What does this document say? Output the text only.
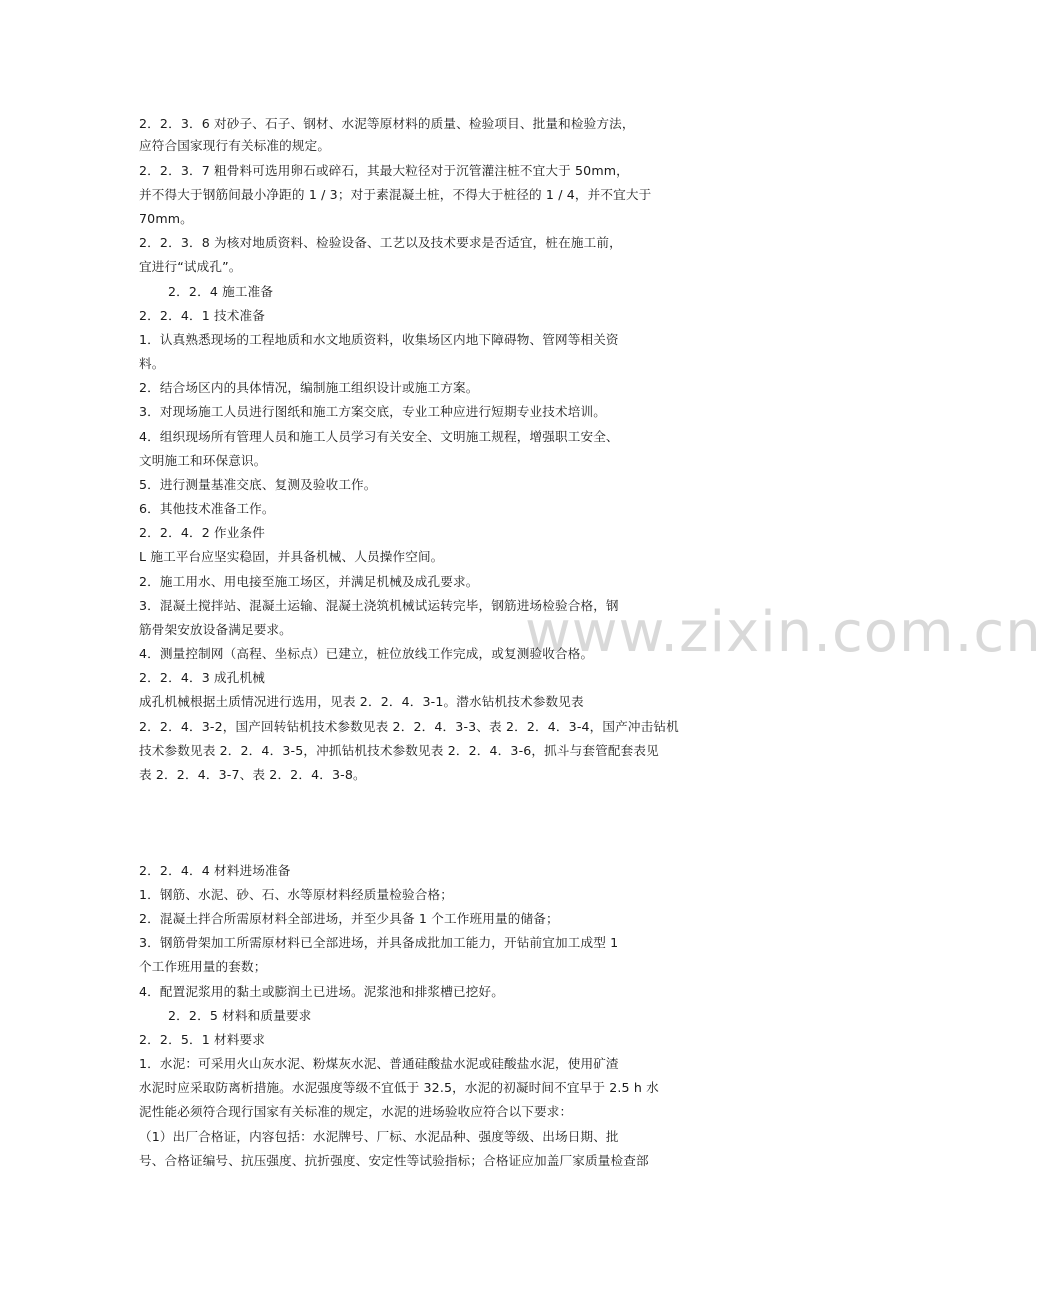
www.zixin.com.cn
2．2．3．6 对砂子、石子、钢材、水泥等原材料的质量、检验项目、批量和检验方法，
应符合国家现行有关标准的规定。
2．2．3．7 粗骨料可选用卵石或碎石，其最大粒径对于沉管灌注桩不宜大于 50mm，
并不得大于钢筋间最小净距的 1 / 3；对于素混凝土桩，不得大于桩径的 1 / 4，并不宜大于
70mm。
2．2．3．8 为核对地质资料、检验设备、工艺以及技术要求是否适宜，桩在施工前，
宜进行“试成孔”。
2．2．4 施工准备
2．2．4．1 技术准备
1．认真熟悉现场的工程地质和水文地质资料，收集场区内地下障碍物、管网等相关资
料。
2．结合场区内的具体情况，编制施工组织设计或施工方案。
3．对现场施工人员进行图纸和施工方案交底，专业工种应进行短期专业技术培训。
4．组织现场所有管理人员和施工人员学习有关安全、文明施工规程，增强职工安全、
文明施工和环保意识。
5．进行测量基准交底、复测及验收工作。
6．其他技术准备工作。
2．2．4．2 作业条件
L 施工平台应坚实稳固，并具备机械、人员操作空间。
2．施工用水、用电接至施工场区，并满足机械及成孔要求。
3．混凝土搅拌站、混凝土运输、混凝土浇筑机械试运转完毕，钢筋进场检验合格，钢
筋骨架安放设备满足要求。
4．测量控制网（高程、坐标点）已建立，桩位放线工作完成，或复测验收合格。
2．2．4．3 成孔机械
成孔机械根据土质情况进行选用，见表 2．2．4．3-1。潜水钻机技术参数见表
2．2．4．3-2，国产回转钻机技术参数见表 2．2．4．3-3、表 2．2．4．3-4，国产冲击钻机
技术参数见表 2．2．4．3-5，冲抓钻机技术参数见表 2．2．4．3-6，抓斗与套管配套表见
表 2．2．4．3-7、表 2．2．4．3-8。
2．2．4．4 材料进场准备
1．钢筋、水泥、砂、石、水等原材料经质量检验合格；
2．混凝土拌合所需原材料全部进场，并至少具备 1 个工作班用量的储备；
3．钢筋骨架加工所需原材料已全部进场，并具备成批加工能力，开钻前宜加工成型 1
个工作班用量的套数；
4．配置泥浆用的黏土或膨润土已进场。泥浆池和排浆槽已挖好。
2．2．5 材料和质量要求
2．2．5．1 材料要求
1．水泥：可采用火山灰水泥、粉煤灰水泥、普通硅酸盐水泥或硅酸盐水泥，使用矿渣
水泥时应采取防离析措施。水泥强度等级不宜低于 32.5，水泥的初凝时间不宜早于 2.5 h 水
泥性能必须符合现行国家有关标准的规定，水泥的进场验收应符合以下要求：
（1）出厂合格证，内容包括：水泥牌号、厂标、水泥品种、强度等级、出场日期、批
号、合格证编号、抗压强度、抗折强度、安定性等试验指标；合格证应加盖厂家质量检查部
